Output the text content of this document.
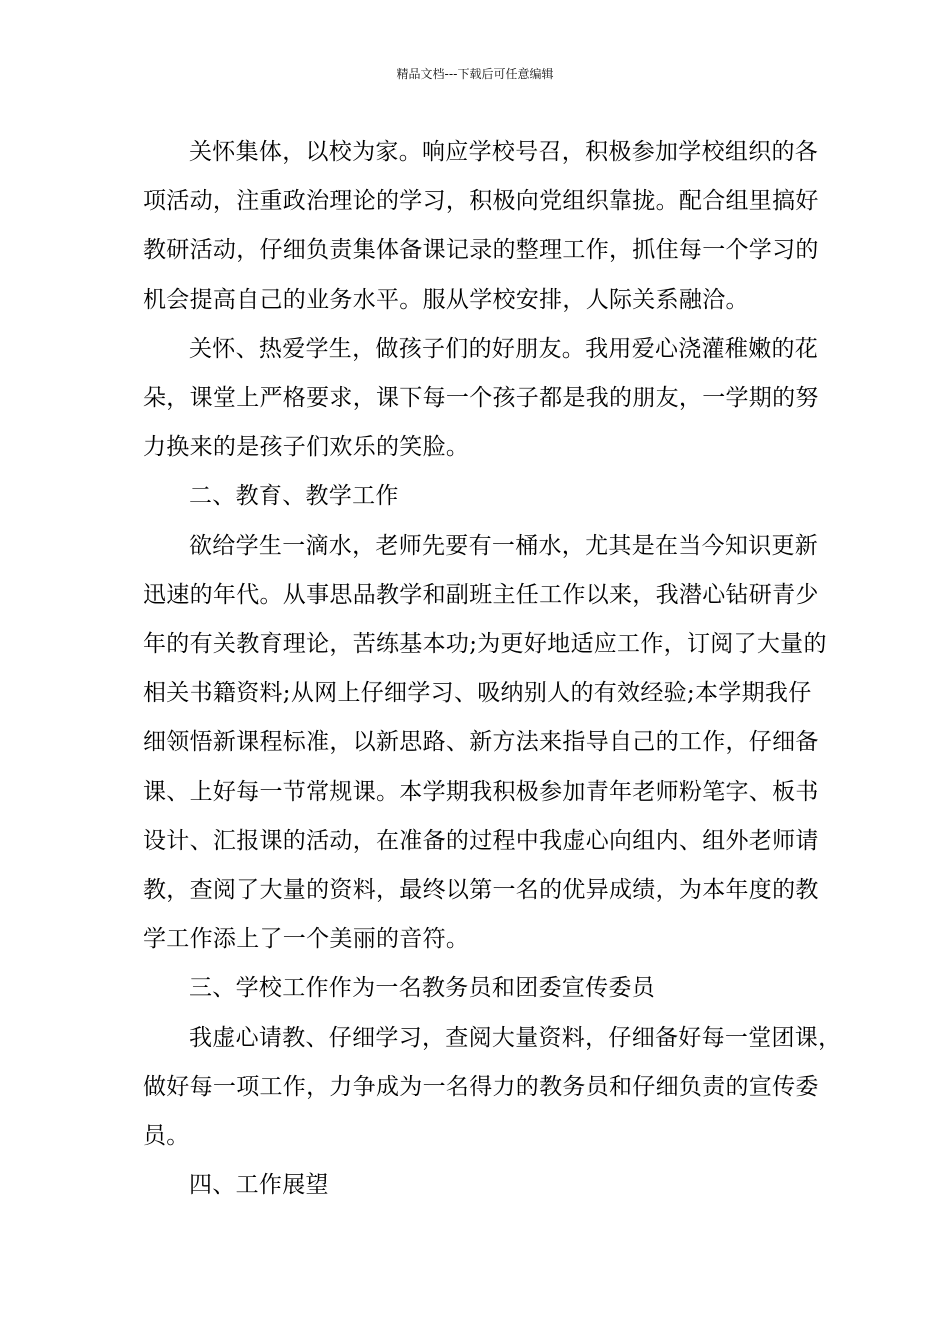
精品文档---下载后可任意编辑
关怀集体，以校为家。响应学校号召，积极参加学校组织的各
项活动，注重政治理论的学习，积极向党组织靠拢。配合组里搞好
教研活动，仔细负责集体备课记录的整理工作，抓住每一个学习的
机会提高自己的业务水平。服从学校安排，人际关系融洽。
关怀、热爱学生，做孩子们的好朋友。我用爱心浇灌稚嫩的花
朵，课堂上严格要求，课下每一个孩子都是我的朋友，一学期的努
力换来的是孩子们欢乐的笑脸。
二、教育、教学工作
欲给学生一滴水，老师先要有一桶水，尤其是在当今知识更新
迅速的年代。从事思品教学和副班主任工作以来，我潜心钻研青少
年的有关教育理论，苦练基本功;为更好地适应工作，订阅了大量的
相关书籍资料;从网上仔细学习、吸纳别人的有效经验;本学期我仔
细领悟新课程标准，以新思路、新方法来指导自己的工作，仔细备
课、上好每一节常规课。本学期我积极参加青年老师粉笔字、板书
设计、汇报课的活动，在准备的过程中我虚心向组内、组外老师请
教，查阅了大量的资料，最终以第一名的优异成绩，为本年度的教
学工作添上了一个美丽的音符。
三、学校工作作为一名教务员和团委宣传委员
我虚心请教、仔细学习，查阅大量资料，仔细备好每一堂团课，
做好每一项工作，力争成为一名得力的教务员和仔细负责的宣传委
员。
四、工作展望
